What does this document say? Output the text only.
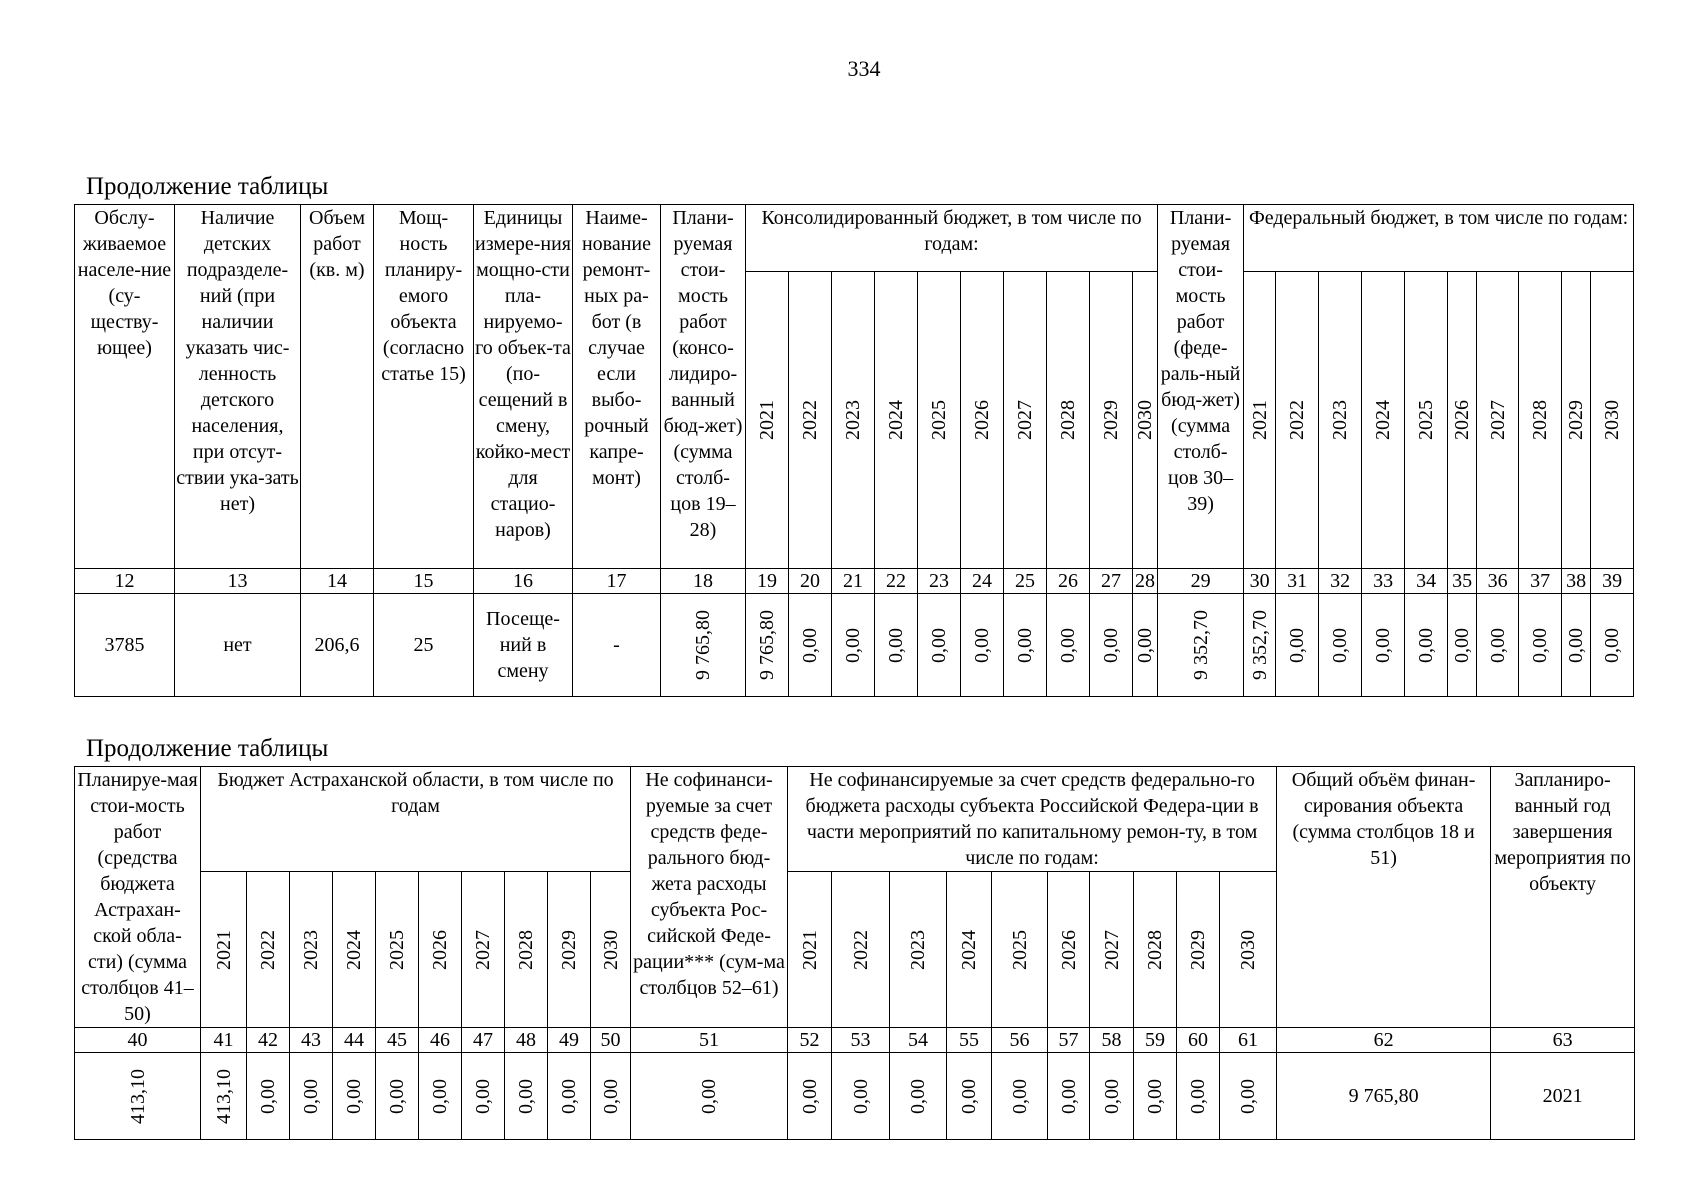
334
Продолжение таблицы
Обслу-живаемое населе-ние (су-ществу-ющее)	Наличие детских подразделе-ний (при наличии указать чис-ленность детского населения, при отсут-ствии ука-зать нет)	Объем работ (кв. м)	Мощ-ность планиру-емого объекта (согласно статье 15)	Единицы измере-ния мощно-сти пла-нируемо-го объек-та (по-сещений в смену, койко-мест для стацио-наров)	Наиме-нование ремонт-ных ра-бот (в случае если выбо-рочный капре-монт)	Плани-руемая стои-мость работ (консо-лидиро-ванный бюд-жет) (сумма столб-цов 19–28)	Консолидированный бюджет, в том числе по годам:										Плани-руемая стои-мость работ (феде-раль-ный бюд-жет) (сумма столб-цов 30–39)	Федеральный бюджет, в том числе по годам:									

							2021	2022	2023	2024	2025	2026	2027	2028	2029	2030		2021	2022	2023	2024	2025	2026	2027	2028	2029	2030

12	13	14	15	16	17	18	19	20	21	22	23	24	25	26	27	28	29	30	31	32	33	34	35	36	37	38	39
3785	нет	206,6	25	Посеще-ний в смену	-	9 765,80	9 765,80	0,00	0,00	0,00	0,00	0,00	0,00	0,00	0,00	0,00	9 352,70	9 352,70	0,00	0,00	0,00	0,00	0,00	0,00	0,00	0,00	0,00
Продолжение таблицы
Планируе-мая стои-мость работ (средства бюджета Астрахан-ской обла-сти) (сумма столбцов 41–50)	Бюджет Астраханской области, в том числе по годам										Не софинанси-руемые за счет средств феде-рального бюд-жета расходы субъекта Рос-сийской Феде-рации*** (сум-ма столбцов 52–61)	Не софинансируемые за счет средств федерально-го бюджета расходы субъекта Российской Федера-ции в части мероприятий по капитальному ремон-ту, в том числе по годам:										Общий объём финан-сирования объекта (сумма столбцов 18 и 51)	Запланиро-ванный год завершения мероприятия по объекту

	2021	2022	2023	2024	2025	2026	2027	2028	2029	2030		2021	2022	2023	2024	2025	2026	2027	2028	2029	2030		

40	41	42	43	44	45	46	47	48	49	50	51	52	53	54	55	56	57	58	59	60	61	62	63

413,10	413,10	0,00	0,00	0,00	0,00	0,00	0,00	0,00	0,00	0,00	0,00	0,00	0,00	0,00	0,00	0,00	0,00	0,00	0,00	0,00	0,00	9 765,80	2021
